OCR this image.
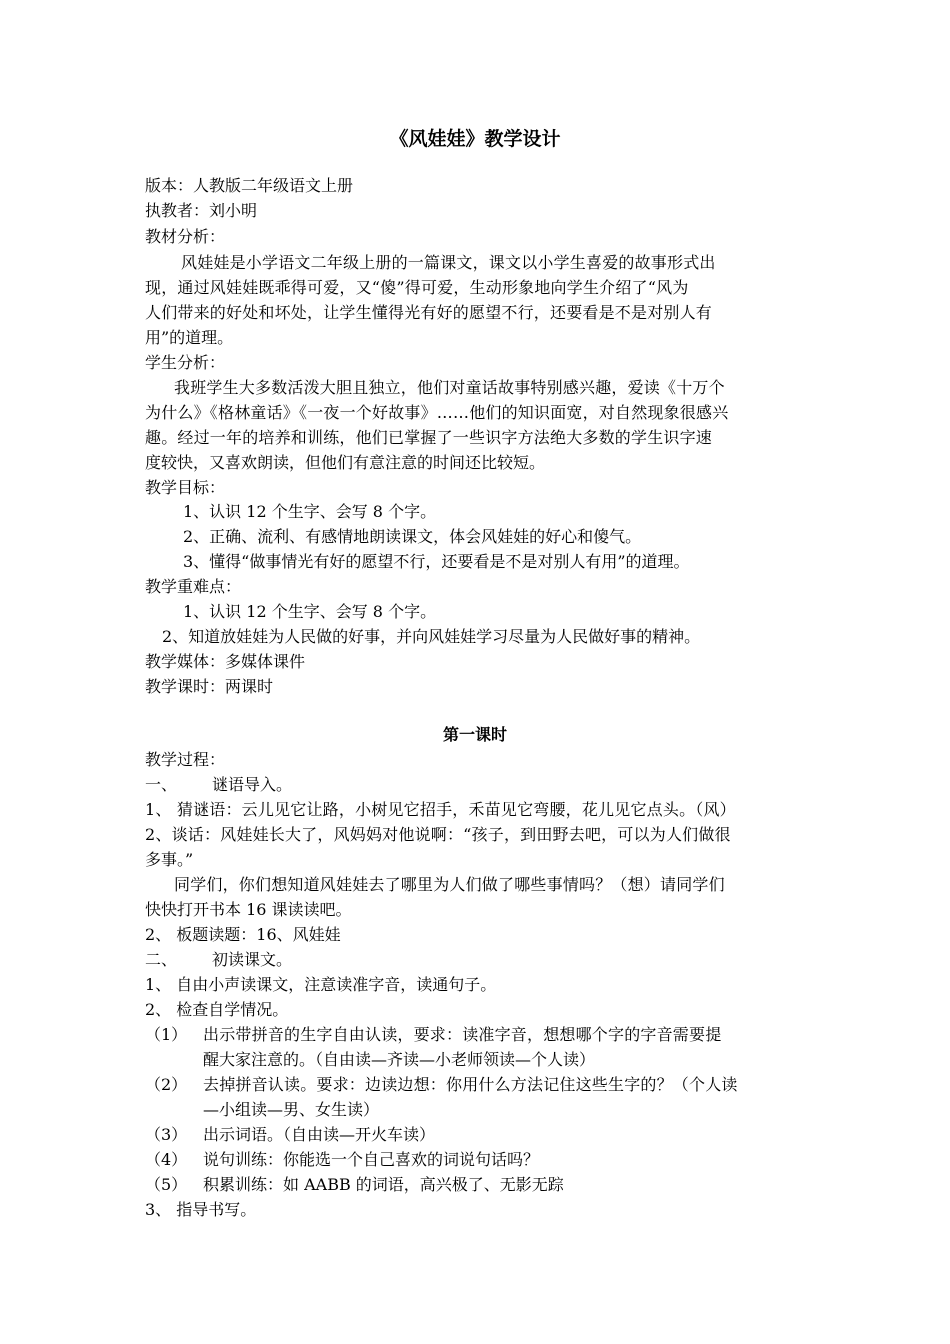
《风娃娃》教学设计
版本：人教版二年级语文上册
执教者：刘小明
教材分析：
风娃娃是小学语文二年级上册的一篇课文，课文以小学生喜爱的故事形式出
现，通过风娃娃既乖得可爱，又“傻”得可爱，生动形象地向学生介绍了“风为
人们带来的好处和坏处，让学生懂得光有好的愿望不行，还要看是不是对别人有
用”的道理。
学生分析：
我班学生大多数活泼大胆且独立，他们对童话故事特别感兴趣，爱读《十万个
为什么》《格林童话》《一夜一个好故事》……他们的知识面宽，对自然现象很感兴
趣。经过一年的培养和训练，他们已掌握了一些识字方法绝大多数的学生识字速
度较快，又喜欢朗读，但他们有意注意的时间还比较短。
教学目标：
1、认识 12 个生字、会写 8 个字。
2、正确、流利、有感情地朗读课文，体会风娃娃的好心和傻气。
3、懂得“做事情光有好的愿望不行，还要看是不是对别人有用”的道理。
教学重难点：
1、认识 12 个生字、会写 8 个字。
2、知道放娃娃为人民做的好事，并向风娃娃学习尽量为人民做好事的精神。
教学媒体：多媒体课件
教学课时：两课时
第一课时
教学过程：
一、 谜语导入。
1、 猜谜语：云儿见它让路，小树见它招手，禾苗见它弯腰，花儿见它点头。（风）
2、谈话：风娃娃长大了，风妈妈对他说啊：“孩子，到田野去吧，可以为人们做很
多事。”
同学们，你们想知道风娃娃去了哪里为人们做了哪些事情吗？（想）请同学们
快快打开书本 16 课读读吧。
2、 板题读题：16、风娃娃
二、 初读课文。
1、 自由小声读课文，注意读准字音，读通句子。
2、 检查自学情况。
（1） 出示带拼音的生字自由认读，要求：读准字音，想想哪个字的字音需要提
醒大家注意的。（自由读—齐读—小老师领读—个人读）
（2） 去掉拼音认读。要求：边读边想：你用什么方法记住这些生字的？（个人读
—小组读—男、女生读）
（3） 出示词语。（自由读—开火车读）
（4） 说句训练：你能选一个自己喜欢的词说句话吗？
（5） 积累训练：如 AABB 的词语，高兴极了、无影无踪
3、 指导书写。
